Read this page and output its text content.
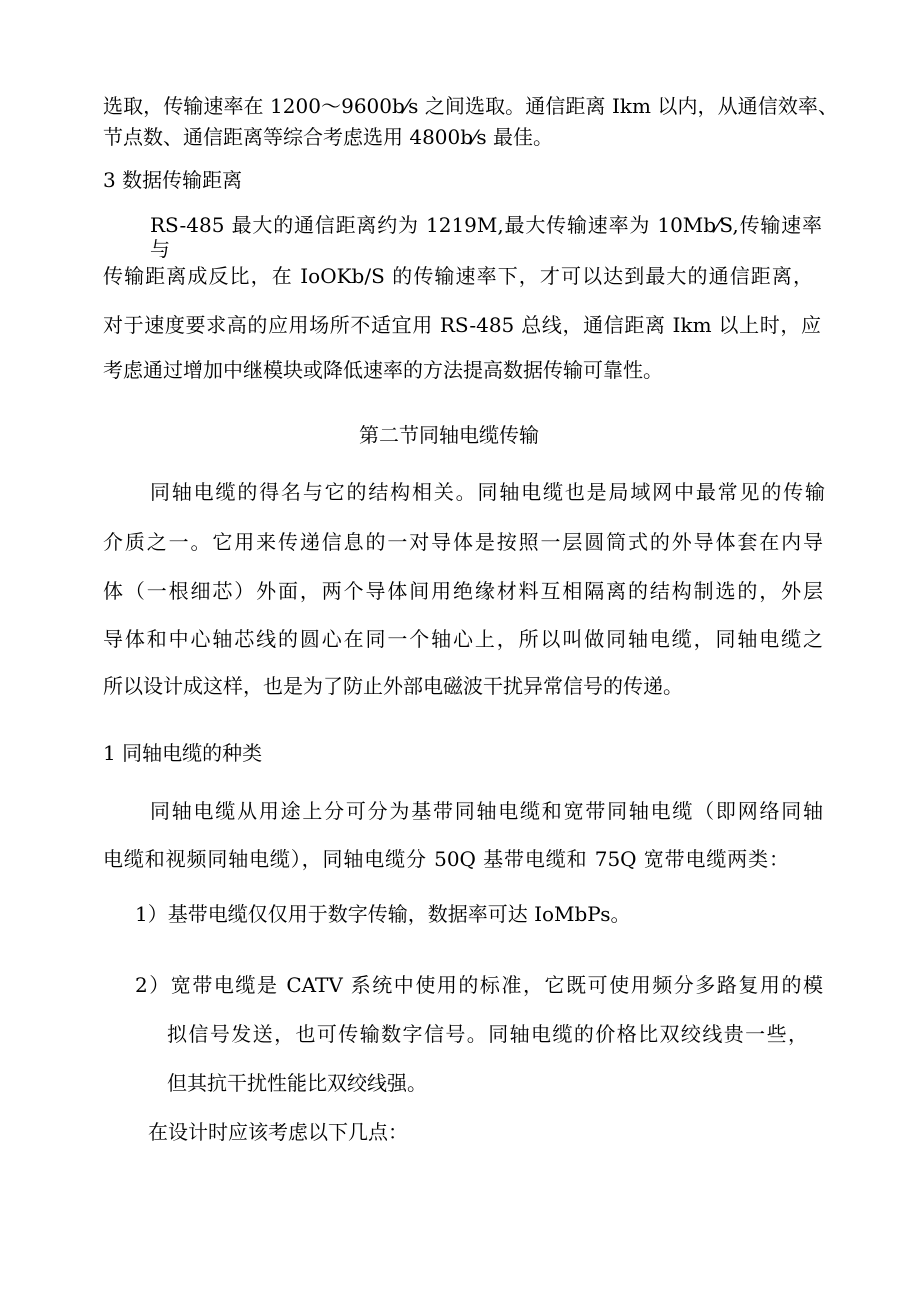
选取，传输速率在 1200～9600b⁄s 之间选取。通信距离 Ikm 以内，从通信效率、
节点数、通信距离等综合考虑选用 4800b⁄s 最佳。
3 数据传输距离
RS-485 最大的通信距离约为 1219M,最大传输速率为 10Mb⁄S,传输速率与
传输距离成反比，在 IoOKb/S 的传输速率下，才可以达到最大的通信距离，
对于速度要求高的应用场所不适宜用 RS-485 总线，通信距离 Ikm 以上时，应
考虑通过增加中继模块或降低速率的方法提高数据传输可靠性。
第二节同轴电缆传输
同轴电缆的得名与它的结构相关。同轴电缆也是局域网中最常见的传输
介质之一。它用来传递信息的一对导体是按照一层圆筒式的外导体套在内导
体（一根细芯）外面，两个导体间用绝缘材料互相隔离的结构制选的，外层
导体和中心轴芯线的圆心在同一个轴心上，所以叫做同轴电缆，同轴电缆之
所以设计成这样，也是为了防止外部电磁波干扰异常信号的传递。
1 同轴电缆的种类
同轴电缆从用途上分可分为基带同轴电缆和宽带同轴电缆（即网络同轴
电缆和视频同轴电缆），同轴电缆分 50Q 基带电缆和 75Q 宽带电缆两类：
1）基带电缆仅仅用于数字传输，数据率可达 IoMbPs。
2）宽带电缆是 CATV 系统中使用的标准，它既可使用频分多路复用的模
拟信号发送，也可传输数字信号。同轴电缆的价格比双绞线贵一些，
但其抗干扰性能比双绞线强。
在设计时应该考虑以下几点：
